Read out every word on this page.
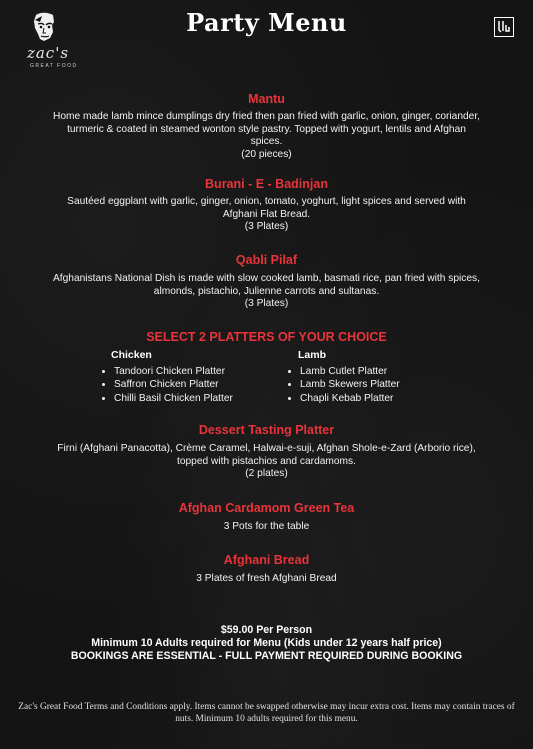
zac's
GREAT FOOD
Party Menu
Mantu
Home made lamb mince dumplings dry fried then pan fried with garlic, onion, ginger, coriander, turmeric & coated in steamed wonton style pastry. Topped with yogurt, lentils and Afghan spices.
(20 pieces)
Burani - E - Badinjan
Sautéed eggplant with garlic, ginger, onion, tomato, yoghurt, light spices and served with Afghani Flat Bread.
(3 Plates)
Qabli Pilaf
Afghanistans National Dish is made with slow cooked lamb, basmati rice, pan fried with spices, almonds, pistachio, Julienne carrots and sultanas.
(3 Plates)
SELECT 2 PLATTERS OF YOUR CHOICE
Chicken
• Tandoori Chicken Platter
• Saffron Chicken Platter
• Chilli Basil Chicken Platter
Lamb
• Lamb Cutlet Platter
• Lamb Skewers Platter
• Chapli Kebab Platter
Dessert Tasting Platter
Firni (Afghani Panacotta), Crème Caramel, Halwai-e-suji, Afghan Shole-e-Zard (Arborio rice), topped with pistachios and cardamoms.
(2 plates)
Afghan Cardamom Green Tea
3 Pots for the table
Afghani Bread
3 Plates of fresh Afghani Bread
$59.00 Per Person
Minimum 10 Adults required for Menu (Kids under 12 years half price)
BOOKINGS ARE ESSENTIAL - FULL PAYMENT REQUIRED DURING BOOKING
Zac's Great Food Terms and Conditions apply. Items cannot be swapped otherwise may incur extra cost. Items may contain traces of nuts. Minimum 10 adults required for this menu.
